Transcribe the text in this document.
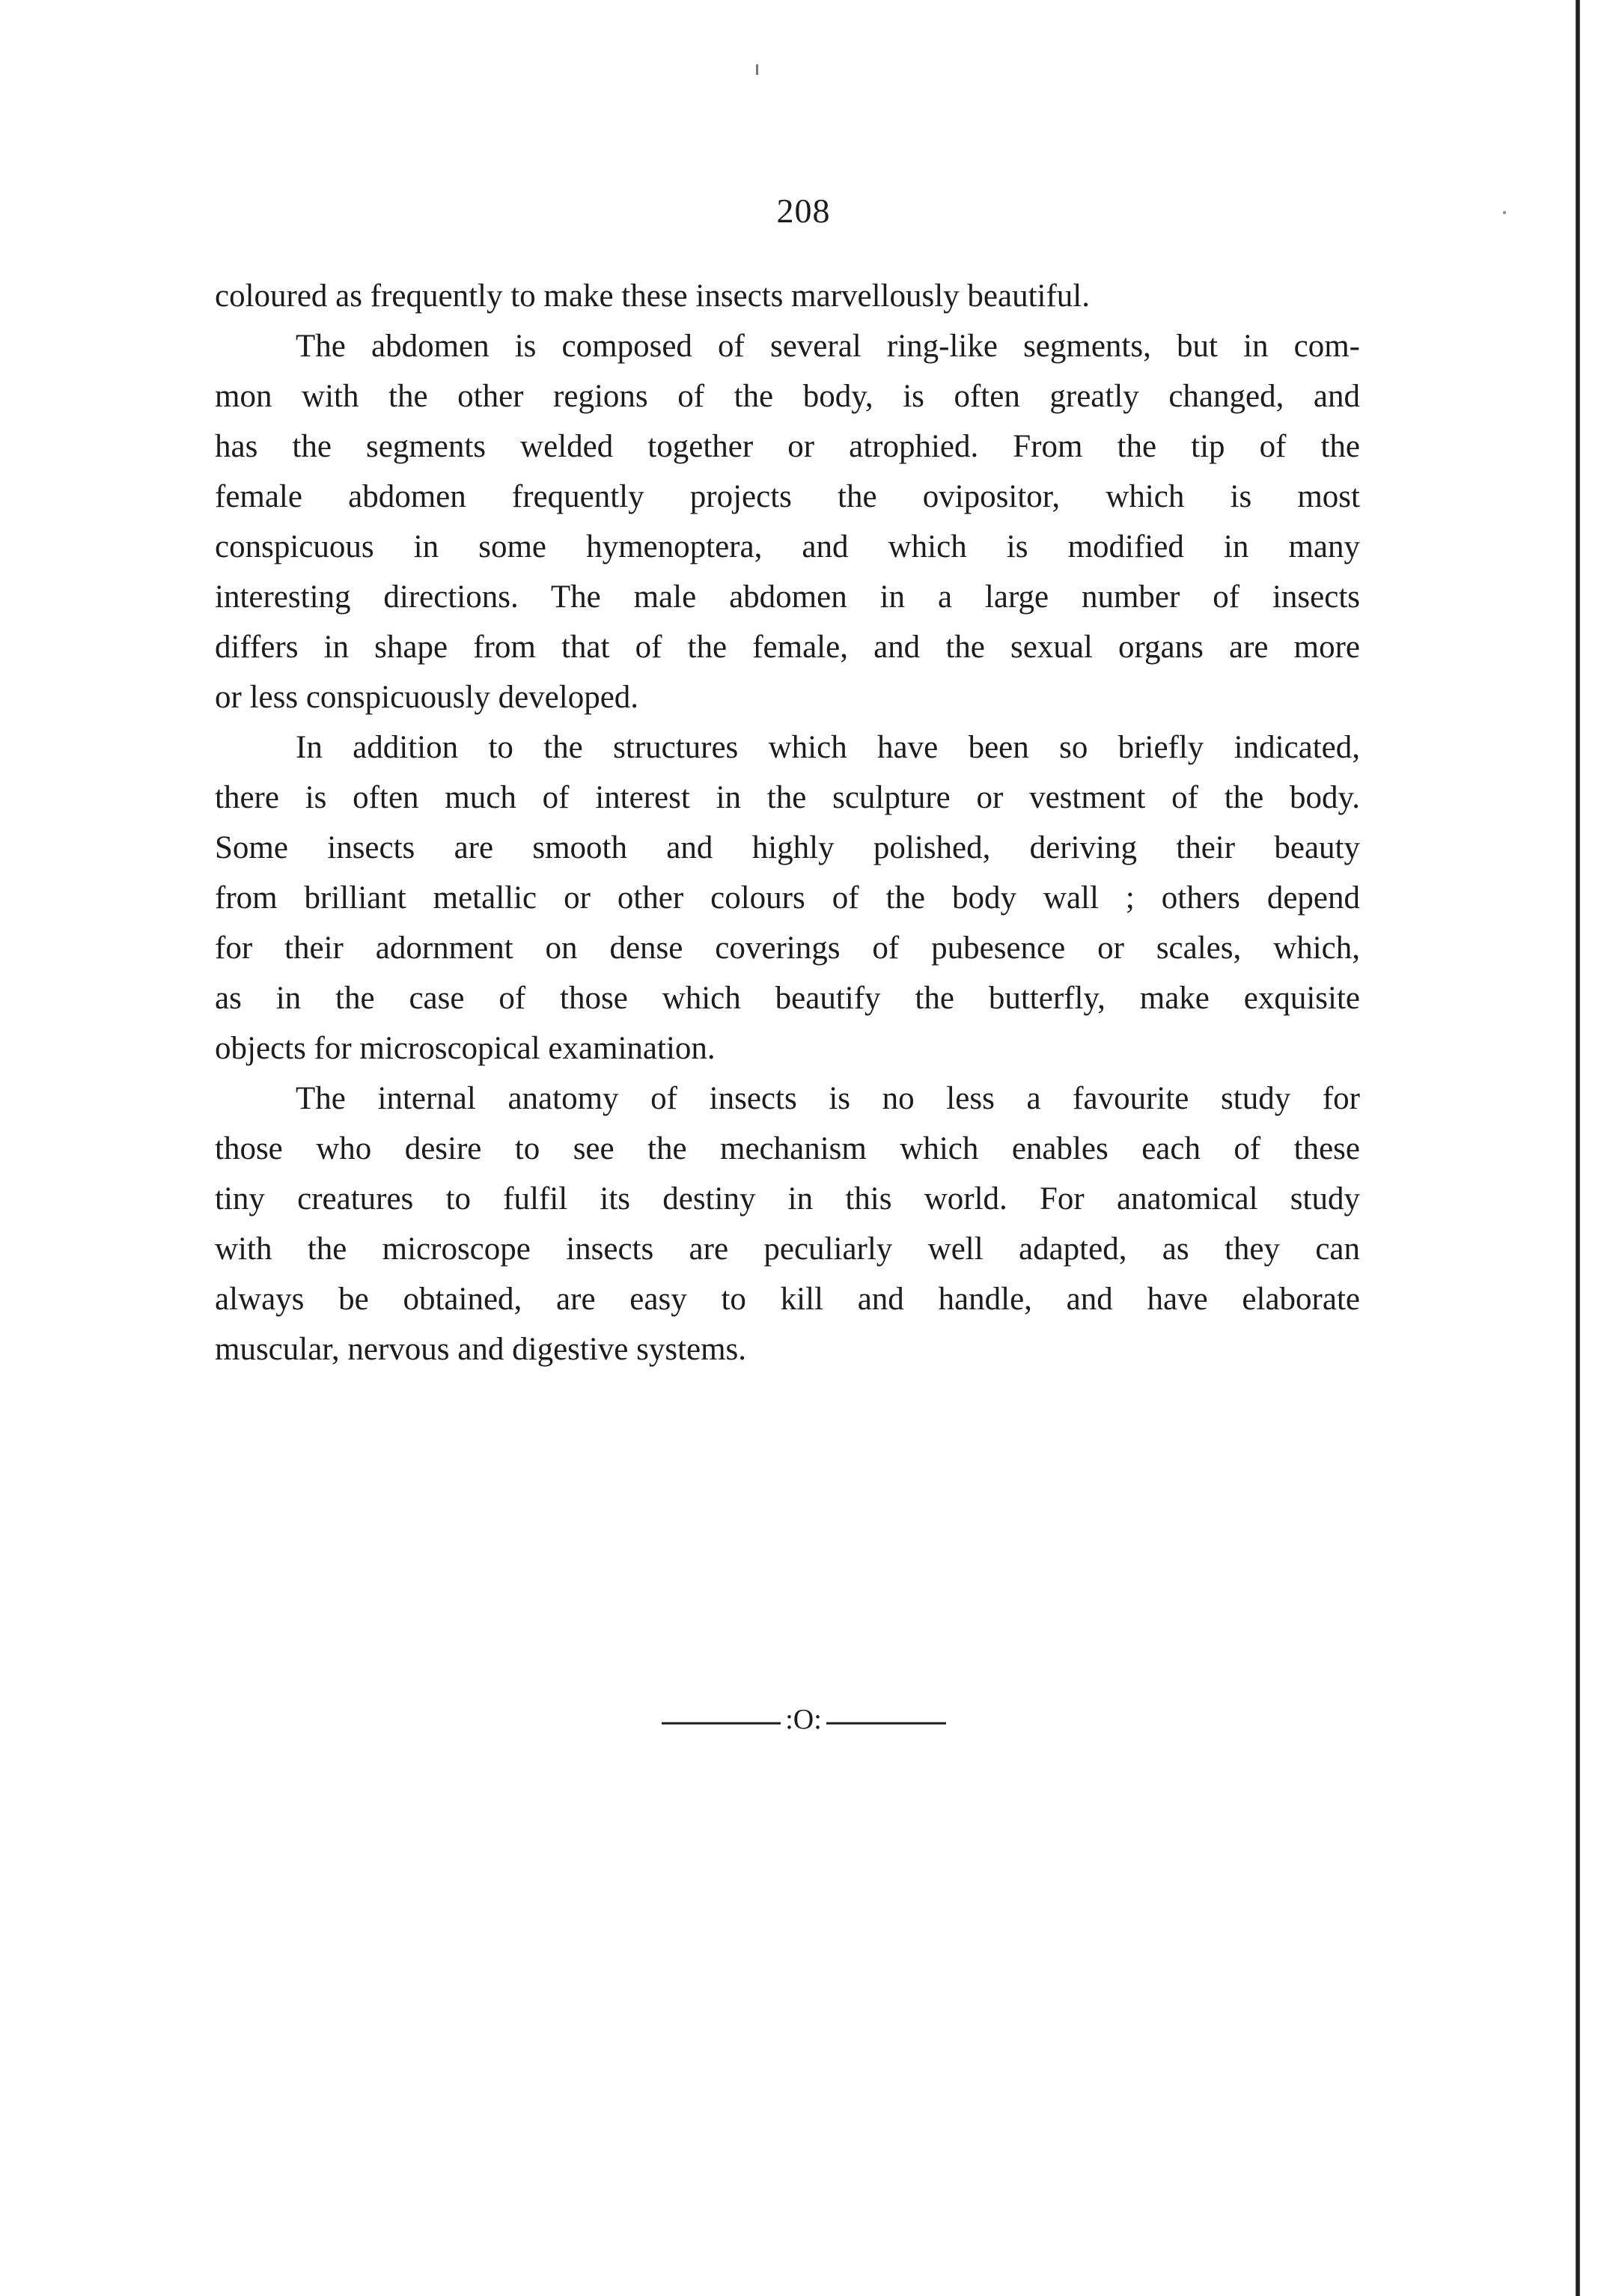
208
coloured as frequently to make these insects marvellously beautiful.
The abdomen is composed of several ring-like segments, but in com-
mon with the other regions of the body, is often greatly changed, and
has the segments welded together or atrophied. From the tip of the
female abdomen frequently projects the ovipositor, which is most
conspicuous in some hymenoptera, and which is modified in many
interesting directions. The male abdomen in a large number of insects
differs in shape from that of the female, and the sexual organs are more
or less conspicuously developed.
In addition to the structures which have been so briefly indicated,
there is often much of interest in the sculpture or vestment of the body.
Some insects are smooth and highly polished, deriving their beauty
from brilliant metallic or other colours of the body wall ; others depend
for their adornment on dense coverings of pubesence or scales, which,
as in the case of those which beautify the butterfly, make exquisite
objects for microscopical examination.
The internal anatomy of insects is no less a favourite study for
those who desire to see the mechanism which enables each of these
tiny creatures to fulfil its destiny in this world. For anatomical study
with the microscope insects are peculiarly well adapted, as they can
always be obtained, are easy to kill and handle, and have elaborate
muscular, nervous and digestive systems.
:O:
